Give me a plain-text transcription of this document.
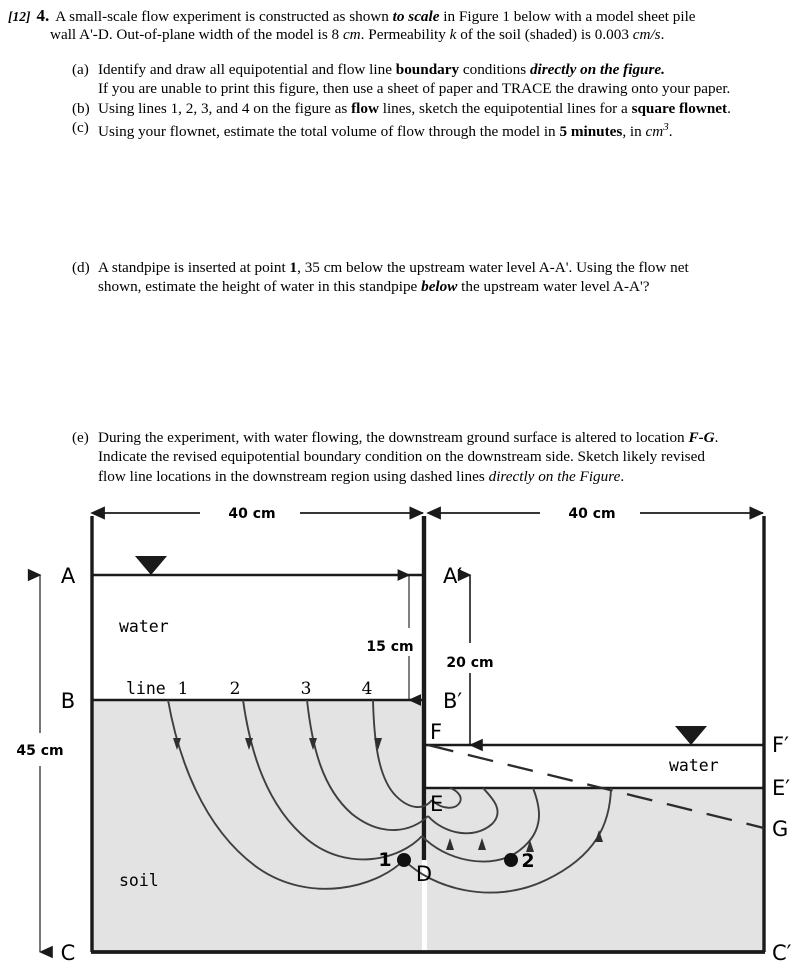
[12] 4. A small-scale flow experiment is constructed as shown to scale in Figure 1 below with a model sheet pile
wall A'-D. Out-of-plane width of the model is 8 cm. Permeability k of the soil (shaded) is 0.003 cm/s.
(a) Identify and draw all equipotential and flow line boundary conditions directly on the figure.
If you are unable to print this figure, then use a sheet of paper and TRACE the drawing onto your paper.
(b) Using lines 1, 2, 3, and 4 on the figure as flow lines, sketch the equipotential lines for a square flownet.
(c) Using your flownet, estimate the total volume of flow through the model in 5 minutes, in $cm^3$.
(d) A standpipe is inserted at point 1, 35 cm below the upstream water level A-A'. Using the flow net
shown, estimate the height of water in this standpipe below the upstream water level A-A'?
(e) During the experiment, with water flowing, the downstream ground surface is altered to location F-G.
Indicate the revised equipotential boundary condition on the downstream side. Sketch likely revised
flow line locations in the downstream region using dashed lines directly on the Figure.
40 cm	40 cm
45 cm
15 cm
20 cm
1	2
water
water
soil
line 1 2	3	4
A
B
C
A′
B′
F
E
D
F′
E′
G
C′
